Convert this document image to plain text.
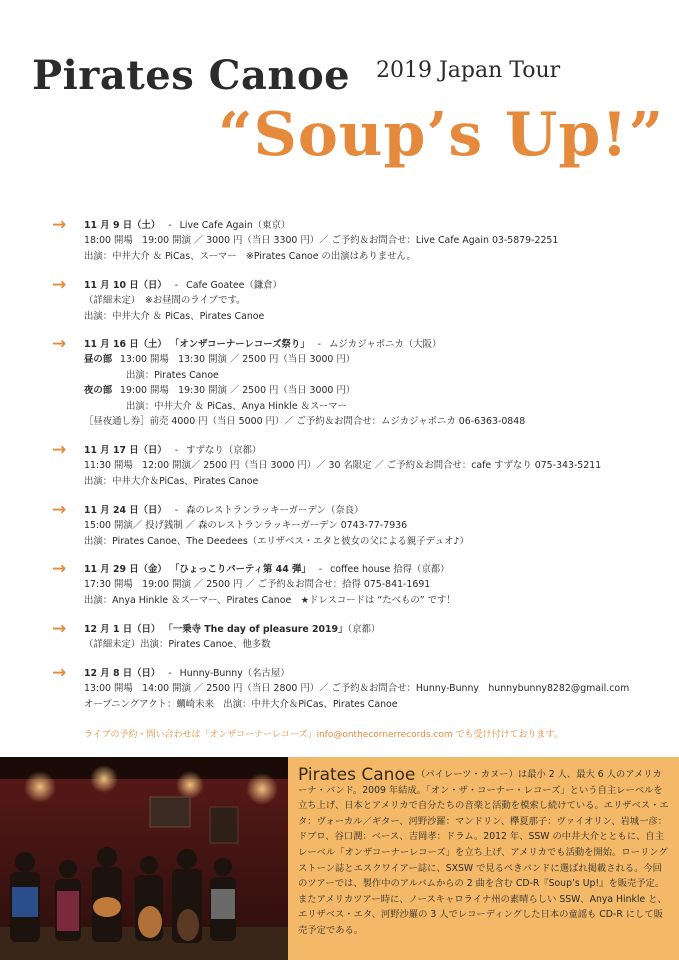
Pirates Canoe 2019 Japan Tour
“Soup’s Up!”
→ 11 月 9 日（土） - Live Cafe Again（東京）
18:00 開場　19:00 開演 ／ 3000 円（当日 3300 円）／ ご予約＆お問合せ：Live Cafe Again 03-5879-2251
出演：中井大介 ＆ PiCas、スーマー　※Pirates Canoe の出演はありません。
→ 11 月 10 日（日） - Cafe Goatee（鎌倉）
（詳細未定）　※お昼間のライブです。
出演：中井大介 ＆ PiCas、Pirates Canoe
→ 11 月 16 日（土） 「オンザコーナーレコーズ祭り」 - ムジカジャポニカ（大阪）
昼の部 13:00 開場　13:30 開演 ／ 2500 円（当日 3000 円）
出演：Pirates Canoe
夜の部 19:00 開場　19:30 開演 ／ 2500 円（当日 3000 円）
出演：中井大介 ＆ PiCas、Anya Hinkle ＆スーマー
［昼夜通し券］前売 4000 円（当日 5000 円）／ ご予約＆お問合せ：ムジカジャポニカ 06-6363-0848
→ 11 月 17 日（日） - すずなり（京都）
11:30 開場　12:00 開演／ 2500 円（当日 3000 円）／ 30 名限定 ／ ご予約＆お問合せ：cafe すずなり 075-343-5211
出演：中井大介＆PiCas、Pirates Canoe
→ 11 月 24 日（日） - 森のレストランラッキーガーデン（奈良）
15:00 開演／ 投げ銭制 ／ 森のレストランラッキーガーデン 0743-77-7936
出演：Pirates Canoe、The Deedees（エリザベス・エタと彼女の父による親子デュオ♪）
→ 11 月 29 日（金） 「ひょっこりパーティ第 44 弾」 - coffee house 拾得（京都）
17:30 開場　19:00 開演 ／ 2500 円 ／ ご予約＆お問合せ：拾得 075-841-1691
出演：Anya Hinkle ＆スーマー、Pirates Canoe　★ドレスコードは “たべもの” です！
→ 12 月 1 日（日） 「一乗寺 The day of pleasure 2019」（京都）
（詳細未定）出演：Pirates Canoe、他多数
→ 12 月 8 日（日） - Hunny-Bunny（名古屋）
13:00 開場　14:00 開演 ／ 2500 円（当日 2800 円）／ ご予約＆お問合せ：Hunny-Bunny　hunnybunny8282@gmail.com
オープニングアクト：蠣崎未来　出演：中井大介＆PiCas、Pirates Canoe
ライブの予約・問い合わせは「オンザコーナーレコーズ」info@onthecornerrecords.com でも受け付けております。
Pirates Canoe （パイレーツ・カヌー）は最小 2 人、最大 6 人のアメリカーナ・バンド。2009 年結成。「オン・ザ・コーナー・レコーズ」という自主レーベルを立ち上げ、日本とアメリカで自分たちの音楽と活動を模索し続けている。エリザベス・エタ：ヴォーカル／ギター、河野沙羅：マンドリン、欅夏那子：ヴァイオリン、岩城一彦：ドブロ、谷口潤：ベース、吉岡孝：ドラム。2012 年、SSW の中井大介とともに、自主レーベル「オンザコーナーレコーズ」を立ち上げ、アメリカでも活動を開始。ローリングストーン誌とエスクワイアー誌に、SXSW で見るべきバンドに選ばれ掲載される。今回のツアーでは、製作中のアルバムからの 2 曲を含む CD-R『Soup’s Up!』を販売予定。またアメリカツアー時に、ノースキャロライナ州の素晴らしい SSW、Anya Hinkle と、エリザベス・エタ、河野沙羅の 3 人でレコーディングした日本の童謡も CD-R にして販売予定である。
